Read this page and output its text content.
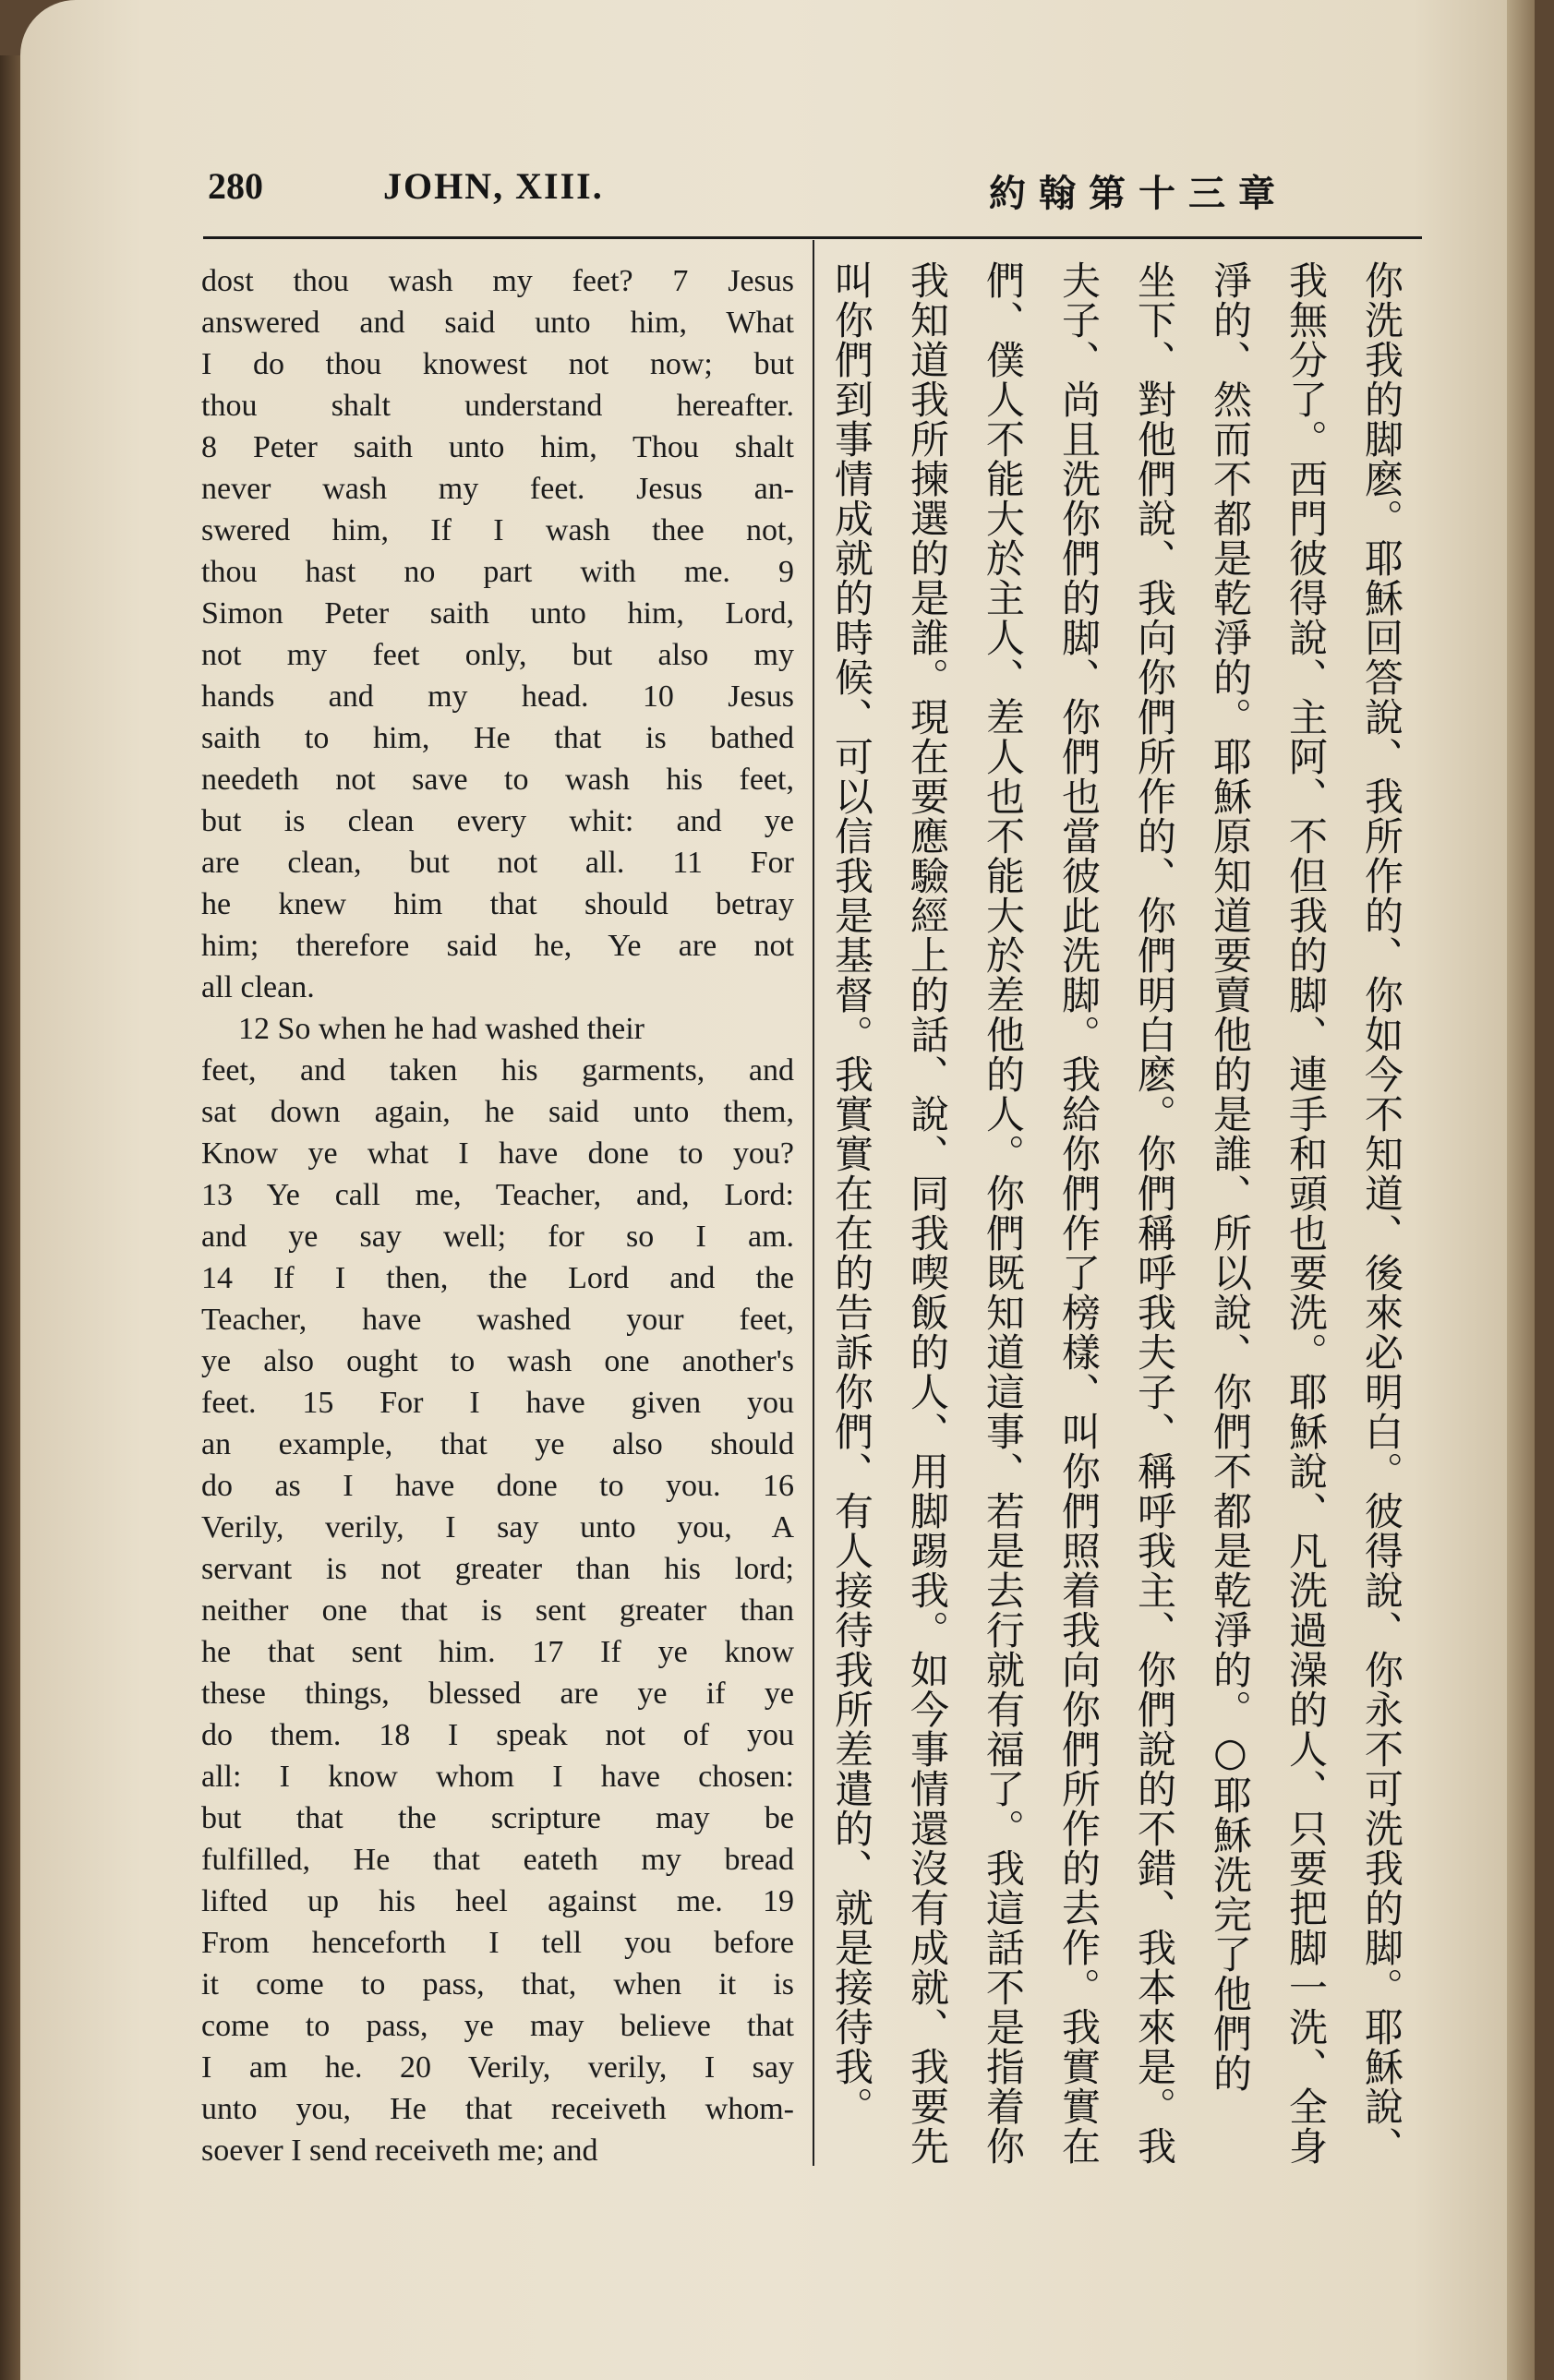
280	JOHN, XIII.	約翰第十三章
dost thou wash my feet? 7 Jesus
answered and said unto him, What
I do thou knowest not now; but
thou shalt understand hereafter.
8 Peter saith unto him, Thou shalt
never wash my feet. Jesus an-
swered him, If I wash thee not,
thou hast no part with me. 9
Simon Peter saith unto him, Lord,
not my feet only, but also my
hands and my head. 10 Jesus
saith to him, He that is bathed
needeth not save to wash his feet,
but is clean every whit: and ye
are clean, but not all. 11 For
he knew him that should betray
him; therefore said he, Ye are not
all clean.
12 So when he had washed their
feet, and taken his garments, and
sat down again, he said unto them,
Know ye what I have done to you?
13 Ye call me, Teacher, and, Lord:
and ye say well; for so I am.
14 If I then, the Lord and the
Teacher, have washed your feet,
ye also ought to wash one another's
feet. 15 For I have given you
an example, that ye also should
do as I have done to you. 16
Verily, verily, I say unto you, A
servant is not greater than his lord;
neither one that is sent greater than
he that sent him. 17 If ye know
these things, blessed are ye if ye
do them. 18 I speak not of you
all: I know whom I have chosen:
but that the scripture may be
fulfilled, He that eateth my bread
lifted up his heel against me. 19
From henceforth I tell you before
it come to pass, that, when it is
come to pass, ye may believe that
I am he. 20 Verily, verily, I say
unto you, He that receiveth whom-
soever I send receiveth me; and
你洗我的脚麽。耶穌回答說、我所作的、你如今不知道、後來必明白。彼得說、你永不可洗我的脚。耶穌說、
我無分了。西門彼得說、主阿、不但我的脚、連手和頭也要洗。耶穌說、凡洗過澡的人、只要把脚一洗、全身
淨的、然而不都是乾淨的。耶穌原知道要賣他的是誰、所以說、你們不都是乾淨的。○耶穌洗完了他們的
坐下、對他們說、我向你們所作的、你們明白麽。你們稱呼我夫子、稱呼我主、你們說的不錯、我本來是。我
夫子、尚且洗你們的脚、你們也當彼此洗脚。我給你們作了榜樣、叫你們照着我向你們所作的去作。我實實在
們、僕人不能大於主人、差人也不能大於差他的人。你們既知道這事、若是去行就有福了。我這話不是指着你
我知道我所揀選的是誰。現在要應驗經上的話、說、同我喫飯的人、用脚踢我。如今事情還沒有成就、我要先
叫你們到事情成就的時候、可以信我是基督。我實實在在的告訴你們、有人接待我所差遣的、就是接待我。
